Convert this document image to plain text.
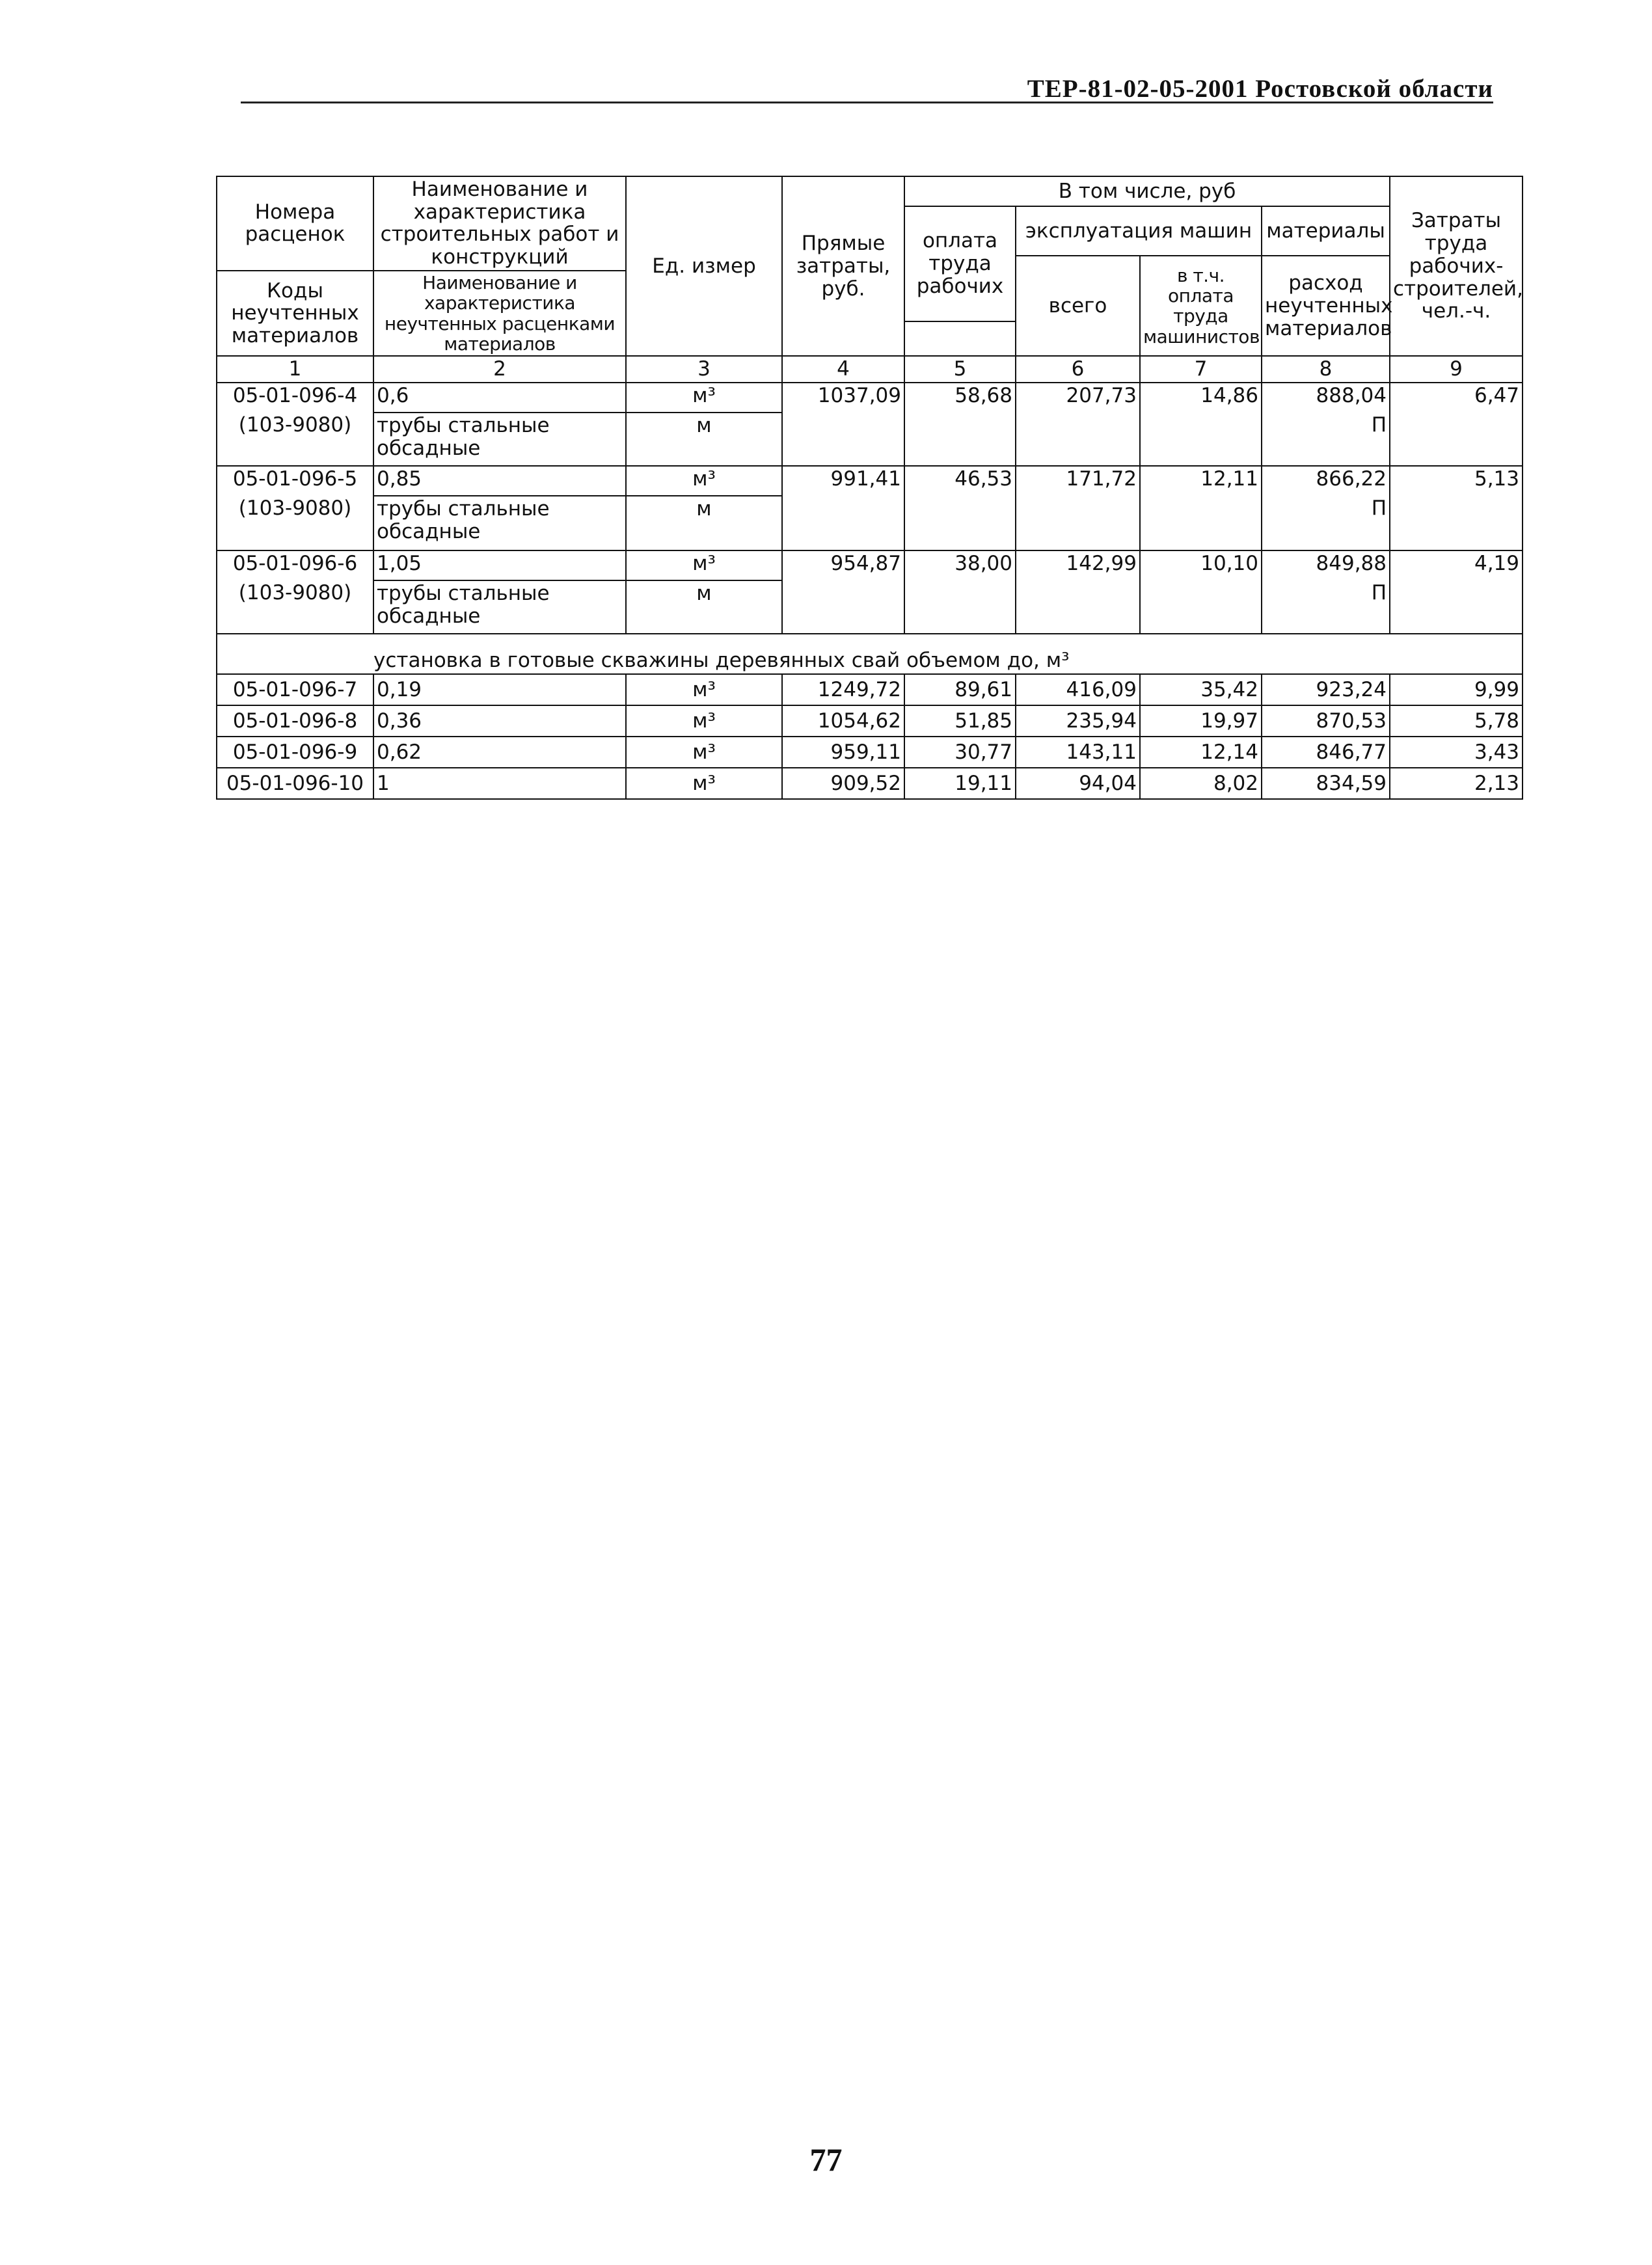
ТЕР-81-02-05-2001 Ростовской области
Номера расценок	Наименование и характеристика строительных работ и конструкций	Ед. измер	Прямые затраты, руб.	В том числе, руб				Затраты труда рабочих-строителей, чел.-ч.
				оплата труда рабочих	эксплуатация машин		материалы	
					всего	в т.ч. оплата труда машинистов	расход неучтенных материалов	
Коды неучтенных материалов	Наименование и характеристика неучтенных расценками материалов							

1	2	3	4	5	6	7	8	9
05-01-096-4	0,6	м³	1037,09	58,68	207,73	14,86	888,04	6,47
(103-9080)	трубы стальные обсадные	м					П	
05-01-096-5	0,85	м³	991,41	46,53	171,72	12,11	866,22	5,13
(103-9080)	трубы стальные обсадные	м					П	
05-01-096-6	1,05	м³	954,87	38,00	142,99	10,10	849,88	4,19
(103-9080)	трубы стальные обсадные	м					П	
установка в готовые скважины деревянных свай объемом до, м³								
05-01-096-7	0,19	м³	1249,72	89,61	416,09	35,42	923,24	9,99
05-01-096-8	0,36	м³	1054,62	51,85	235,94	19,97	870,53	5,78
05-01-096-9	0,62	м³	959,11	30,77	143,11	12,14	846,77	3,43
05-01-096-10	1	м³	909,52	19,11	94,04	8,02	834,59	2,13
77
